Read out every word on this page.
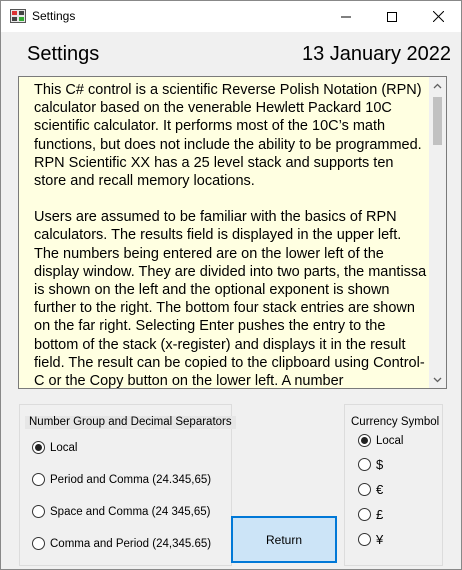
Settings
Settings	13 January 2022

This C# control is a scientific Reverse Polish Notation (RPN) calculator based on the venerable Hewlett Packard 10C scientific calculator. It performs most of the 10C’s math functions, but does not include the ability to be programmed. RPN Scientific XX has a 25 level stack and supports ten store and recall memory locations.

Users are assumed to be familiar with the basics of RPN calculators. The results field is displayed in the upper left. The numbers being entered are on the lower left of the display window. They are divided into two parts, the mantissa is shown on the left and the optional exponent is shown further to the right. The bottom four stack entries are shown on the far right. Selecting Enter pushes the entry to the bottom of the stack (x-register) and displays it in the result field. The result can be copied to the clipboard using Control-C or the Copy button on the lower left. A number

Number Group and Decimal Separators
Local
Period and Comma (24.345,65)
Space and Comma (24 345,65)
Comma and Period (24,345.65)	Return
Currency Symbol
Local
$
€
£
¥
